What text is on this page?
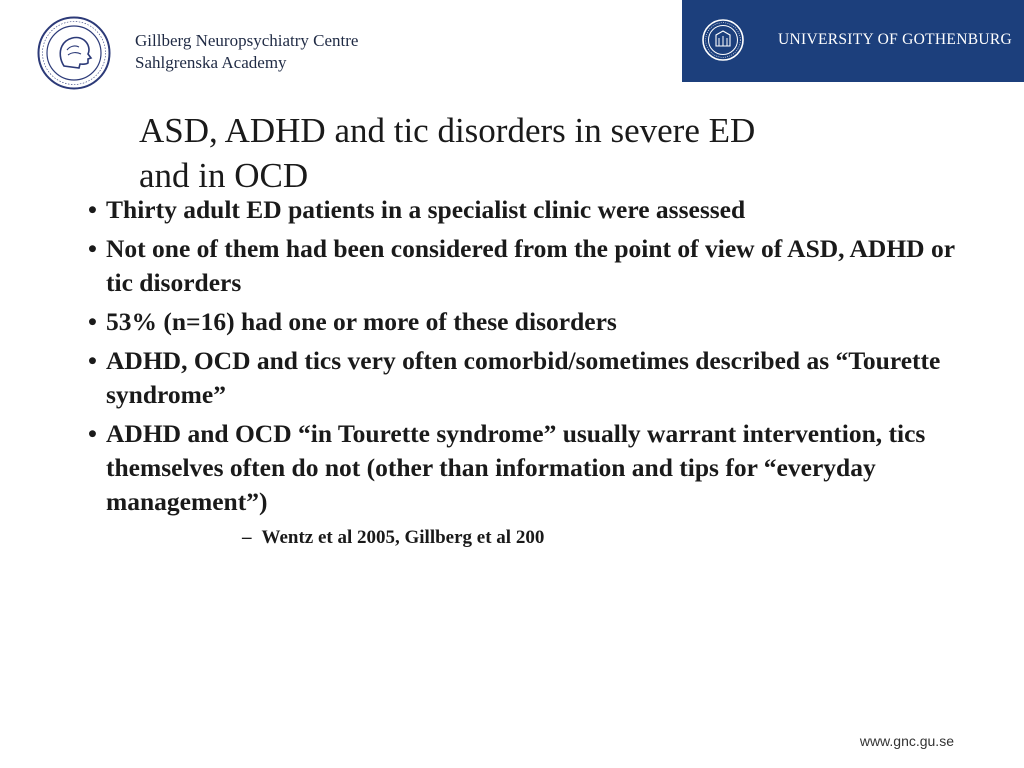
Gillberg Neuropsychiatry Centre
Sahlgrenska Academy
UNIVERSITY OF GOTHENBURG
ASD, ADHD and tic disorders in severe ED
and in OCD
•
Thirty adult ED patients in a specialist clinic were assessed
•
Not one of them had been considered from the point of view of ASD, ADHD or tic disorders
•
53% (n=16) had one or more of these disorders
•
ADHD, OCD and tics very often comorbid/sometimes described as “Tourette syndrome”
•
ADHD and OCD “in Tourette syndrome” usually warrant intervention, tics themselves often do not (other than information and tips for “everyday management”)
– Wentz et al 2005, Gillberg et al 200
www.gnc.gu.se
